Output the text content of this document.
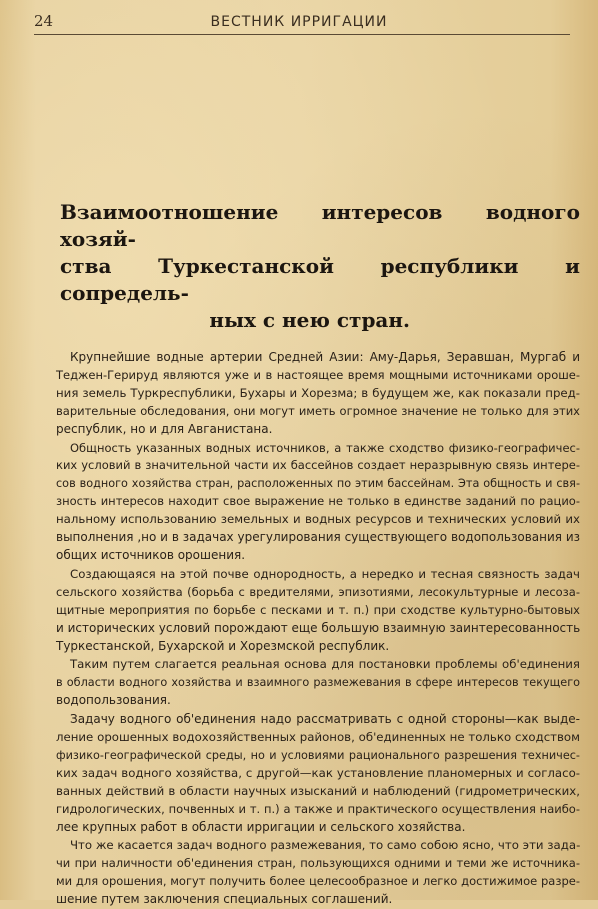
24	ВЕСТНИК ИРРИГАЦИИ
Взаимоотношение интересов водного хозяй-
ства Туркестанской республики и сопредель-
ных с нею стран.

Крупнейшие водные артерии Средней Азии: Аму-Дарья, Зеравшан, Мургаб и
Теджен-Герируд являются уже и в настоящее время мощными источниками ороше-
ния земель Туркреспублики, Бухары и Хорезма; в будущем же, как показали пред-
варительные обследования, они могут иметь огромное значение не только для этих
республик, но и для Авганистана.

Общность указанных водных источников, а также сходство физико-географичес-
ких условий в значительной части их бассейнов создает неразрывную связь интере-
сов водного хозяйства стран, расположенных по этим бассейнам. Эта общность и свя-
зность интересов находит свое выражение не только в единстве заданий по рацио-
нальному использованию земельных и водных ресурсов и технических условий их
выполнения ,но и в задачах урегулирования существующего водопользования из
общих источников орошения.

Создающаяся на этой почве однородность, а нередко и тесная связность задач
сельского хозяйства (борьба с вредителями, эпизотиями, лесокультурные и лесоза-
щитные мероприятия по борьбе с песками и т. п.) при сходстве культурно-бытовых
и исторических условий порождают еще большую взаимную заинтересованность
Туркестанской, Бухарской и Хорезмской республик.

Таким путем слагается реальная основа для постановки проблемы об'единения
в области водного хозяйства и взаимного размежевания в сфере интересов текущего
водопользования.

Задачу водного об'единения надо рассматривать с одной стороны—как выде-
ление орошенных водохозяйственных районов, об'единенных не только сходством
физико-географической среды, но и условиями рационального разрешения техничес-
ких задач водного хозяйства, с другой—как установление планомерных и согласо-
ванных действий в области научных изысканий и наблюдений (гидрометрических,
гидрологических, почвенных и т. п.) а также и практического осуществления наибо-
лее крупных работ в области ирригации и сельского хозяйства.

Что же касается задач водного размежевания, то само собою ясно, что эти зада-
чи при наличности об'единения стран, пользующихся одними и теми же источника-
ми для орошения, могут получить более целесообразное и легко достижимое разре-
шение путем заключения специальных соглашений.
